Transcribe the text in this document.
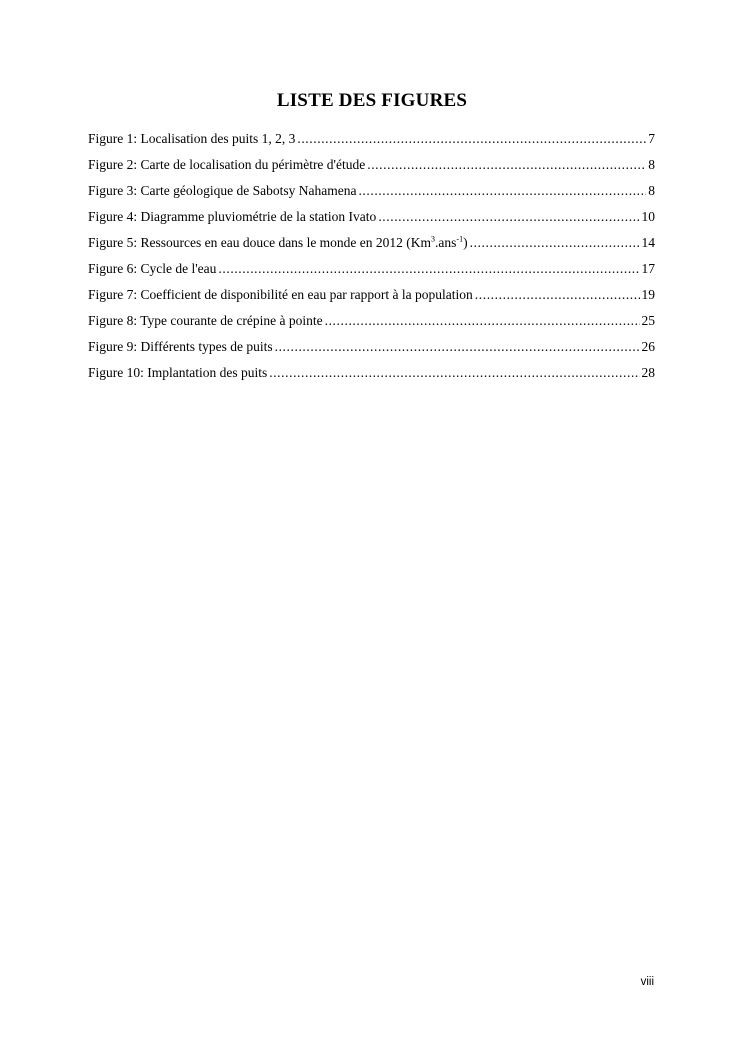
LISTE DES FIGURES
Figure 1: Localisation des puits 1, 2, 3 .....	7
Figure 2: Carte de localisation du périmètre d'étude .....	8
Figure 3: Carte géologique de Sabotsy Nahamena .....	8
Figure 4: Diagramme pluviométrie de la station Ivato .....	10
Figure 5: Ressources en eau douce dans le monde en 2012 (Km$^3$.ans$^{-1}$) .....	14
Figure 6: Cycle de l'eau .....	17
Figure 7: Coefficient de disponibilité en eau par rapport à la population .....	19
Figure 8: Type courante de crépine à pointe .....	25
Figure 9: Différents types de puits .....	26
Figure 10: Implantation des puits .....	28
viii
